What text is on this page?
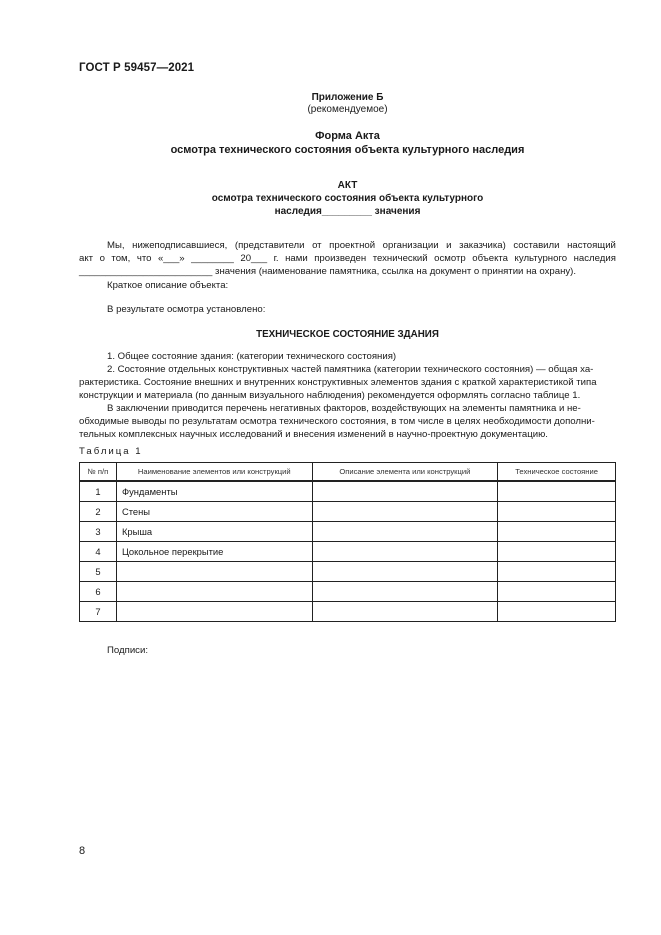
ГОСТ Р 59457—2021
Приложение Б
(рекомендуемое)
Форма Акта
осмотра технического состояния объекта культурного наследия
АКТ
осмотра технического состояния объекта культурного
наследия_________ значения
Мы, нижеподписавшиеся, (представители от проектной организации и заказчика) составили настоящий
акт о том, что «___» ________ 20___ г. нами произведен технический осмотр объекта культурного наследия
_________________________ значения (наименование памятника, ссылка на документ о принятии на охрану).
Краткое описание объекта:
В результате осмотра установлено:
ТЕХНИЧЕСКОЕ СОСТОЯНИЕ ЗДАНИЯ
1. Общее состояние здания: (категории технического состояния)
2. Состояние отдельных конструктивных частей памятника (категории технического состояния) — общая ха-
рактеристика. Состояние внешних и внутренних конструктивных элементов здания с краткой характеристикой типа
конструкции и материала (по данным визуального наблюдения) рекомендуется оформлять согласно таблице 1.
В заключении приводится перечень негативных факторов, воздействующих на элементы памятника и не-
обходимые выводы по результатам осмотра технического состояния, в том числе в целях необходимости дополни-
тельных комплексных научных исследований и внесения изменений в научно-проектную документацию.
Таблица 1
№ п/п	Наименование элементов или конструкций	Описание элемента или конструкций	Техническое состояние
1	Фундаменты		
2	Стены		
3	Крыша		
4	Цокольное перекрытие		
5			
6			
7			
Подписи:
8
